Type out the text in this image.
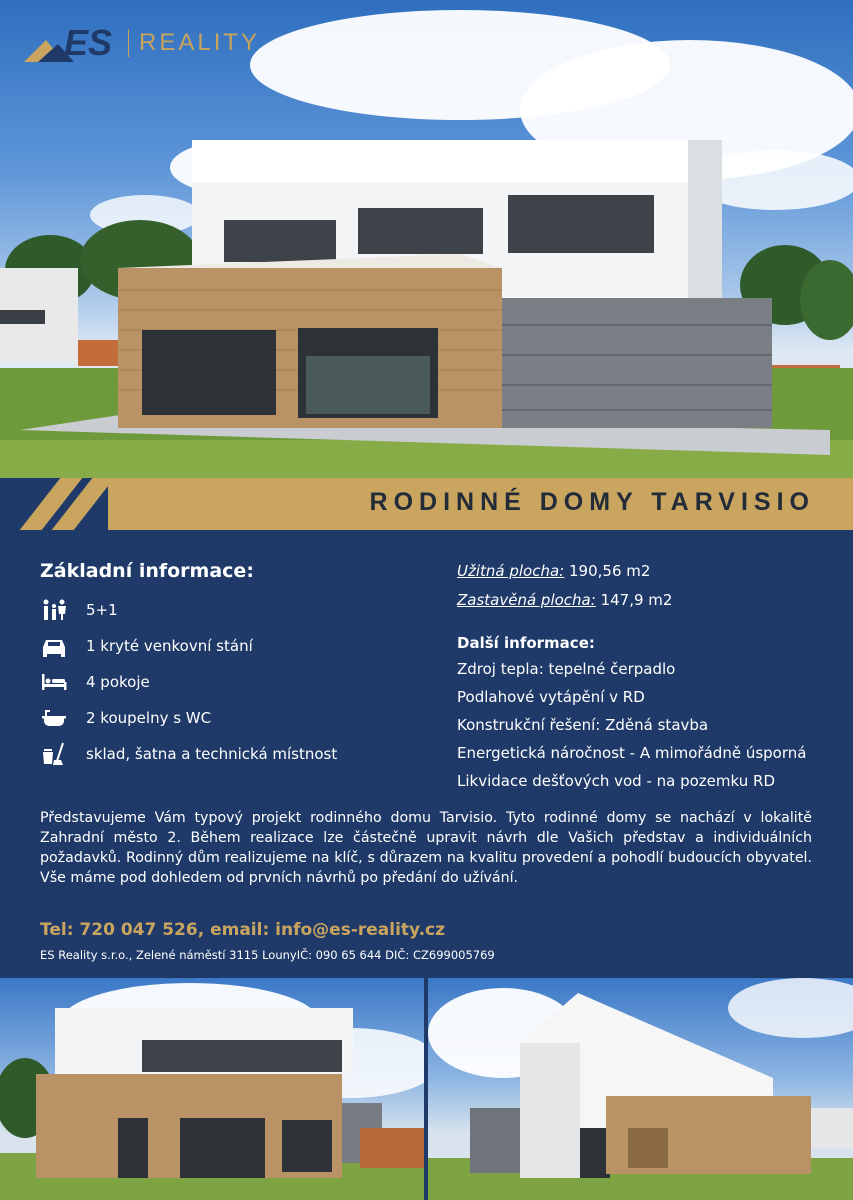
ES	REALITY
RODINNÉ DOMY TARVISIO
Základní informace:
5+1
1 kryté venkovní stání
4 pokoje
2 koupelny s WC
sklad, šatna a technická místnost
Užitná plocha: 190,56 m2
Zastavěná plocha: 147,9 m2
Další informace:
Zdroj tepla: tepelné čerpadlo
Podlahové vytápění v RD
Konstrukční řešení: Zděná stavba
Energetická náročnost - A mimořádně úsporná
Likvidace dešťových vod - na pozemku RD

Představujeme Vám typový projekt rodinného domu Tarvisio. Tyto rodinné domy se nachází v lokalitě Zahradní město 2. Během realizace lze částečně upravit návrh dle Vašich představ a individuálních požadavků. Rodinný dům realizujeme na klíč, s důrazem na kvalitu provedení a pohodlí budoucích obyvatel. Vše máme pod dohledem od prvních návrhů po předání do užívání.

Tel: 720 047 526, email: info@es-reality.cz
ES Reality s.r.o., Zelené náměstí 3115 LounyIČ: 090 65 644 DIČ: CZ699005769
